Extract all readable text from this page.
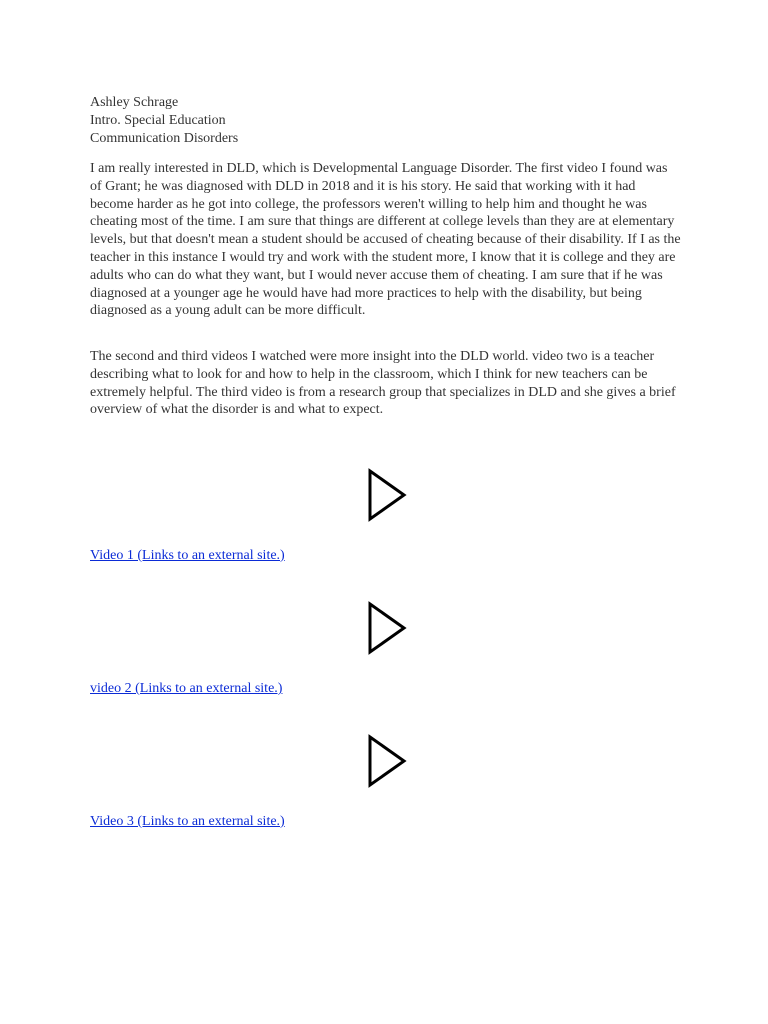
Ashley Schrage
Intro. Special Education
Communication Disorders

I am really interested in DLD, which is Developmental Language Disorder. The first video I found was of Grant; he was diagnosed with DLD in 2018 and it is his story. He said that working with it had become harder as he got into college, the professors weren't willing to help him and thought he was cheating most of the time. I am sure that things are different at college levels than they are at elementary levels, but that doesn't mean a student should be accused of cheating because of their disability. If I as the teacher in this instance I would try and work with the student more, I know that it is college and they are adults who can do what they want, but I would never accuse them of cheating. I am sure that if he was diagnosed at a younger age he would have had more practices to help with the disability, but being diagnosed as a young adult can be more difficult.

The second and third videos I watched were more insight into the DLD world. video two is a teacher describing what to look for and how to help in the classroom, which I think for new teachers can be extremely helpful. The third video is from a research group that specializes in DLD and she gives a brief overview of what the disorder is and what to expect.

Video 1 (Links to an external site.)
video 2 (Links to an external site.)
Video 3 (Links to an external site.)
